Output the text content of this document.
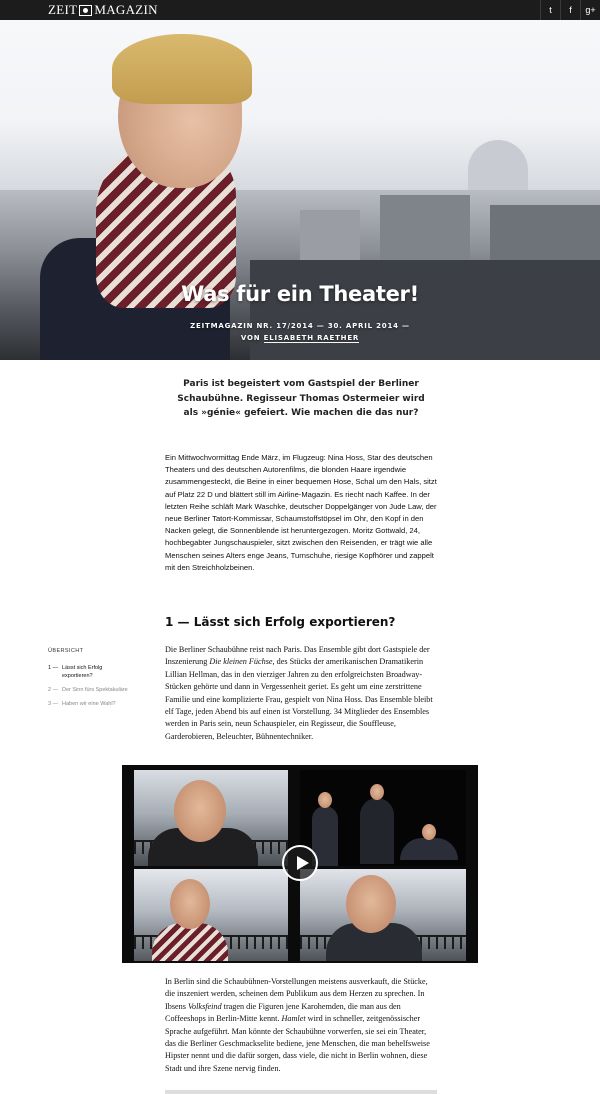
ZEIT MAGAZIN	t	f	g+
Was für ein Theater!
ZEITMAGAZIN NR. 17/2014 — 30. APRIL 2014 —
VON ELISABETH RAETHER
Paris ist begeistert vom Gastspiel der Berliner Schaubühne. Regisseur Thomas Ostermeier wird als »génie« gefeiert. Wie machen die das nur?
Ein Mittwochvormittag Ende März, im Flugzeug: Nina Hoss, Star des deutschen Theaters und des deutschen Autorenfilms, die blonden Haare irgendwie zusammengesteckt, die Beine in einer bequemen Hose, Schal um den Hals, sitzt auf Platz 22 D und blättert still im Airline-Magazin. Es riecht nach Kaffee. In der letzten Reihe schläft Mark Waschke, deutscher Doppelgänger von Jude Law, der neue Berliner Tatort-Kommissar, Schaumstoffstöpsel im Ohr, den Kopf in den Nacken gelegt, die Sonnenblende ist heruntergezogen. Moritz Gottwald, 24, hochbegabter Jungschauspieler, sitzt zwischen den Reisenden, er trägt wie alle Menschen seines Alters enge Jeans, Turnschuhe, riesige Kopfhörer und zappelt mit den Streichholzbeinen.
1 — Lässt sich Erfolg exportieren?
ÜBERSICHT
1 — Lässt sich Erfolg exportieren?
2 — Der Sinn fürs Spektakuläre
3 — Haben wir eine Wahl?
Die Berliner Schaubühne reist nach Paris. Das Ensemble gibt dort Gastspiele der Inszenierung Die kleinen Füchse, des Stücks der amerikanischen Dramatikerin Lillian Hellman, das in den vierziger Jahren zu den erfolgreichsten Broadway-Stücken gehörte und dann in Vergessenheit geriet. Es geht um eine zerstrittene Familie und eine komplizierte Frau, gespielt von Nina Hoss. Das Ensemble bleibt elf Tage, jeden Abend bis auf einen ist Vorstellung. 34 Mitglieder des Ensembles werden in Paris sein, neun Schauspieler, ein Regisseur, die Souffleuse, Garderobieren, Beleuchter, Bühnentechniker.
In Berlin sind die Schaubühnen-Vorstellungen meistens ausverkauft, die Stücke, die inszeniert werden, scheinen dem Publikum aus dem Herzen zu sprechen. In Ibsens Volksfeind tragen die Figuren jene Karohemden, die man aus den Coffeeshops in Berlin-Mitte kennt. Hamlet wird in schneller, zeitgenössischer Sprache aufgeführt. Man könnte der Schaubühne vorwerfen, sie sei ein Theater, das die Berliner Geschmackselite bediene, jene Menschen, die man behelfsweise Hipster nennt und die dafür sorgen, dass viele, die nicht in Berlin wohnen, diese Stadt und ihre Szene nervig finden.
